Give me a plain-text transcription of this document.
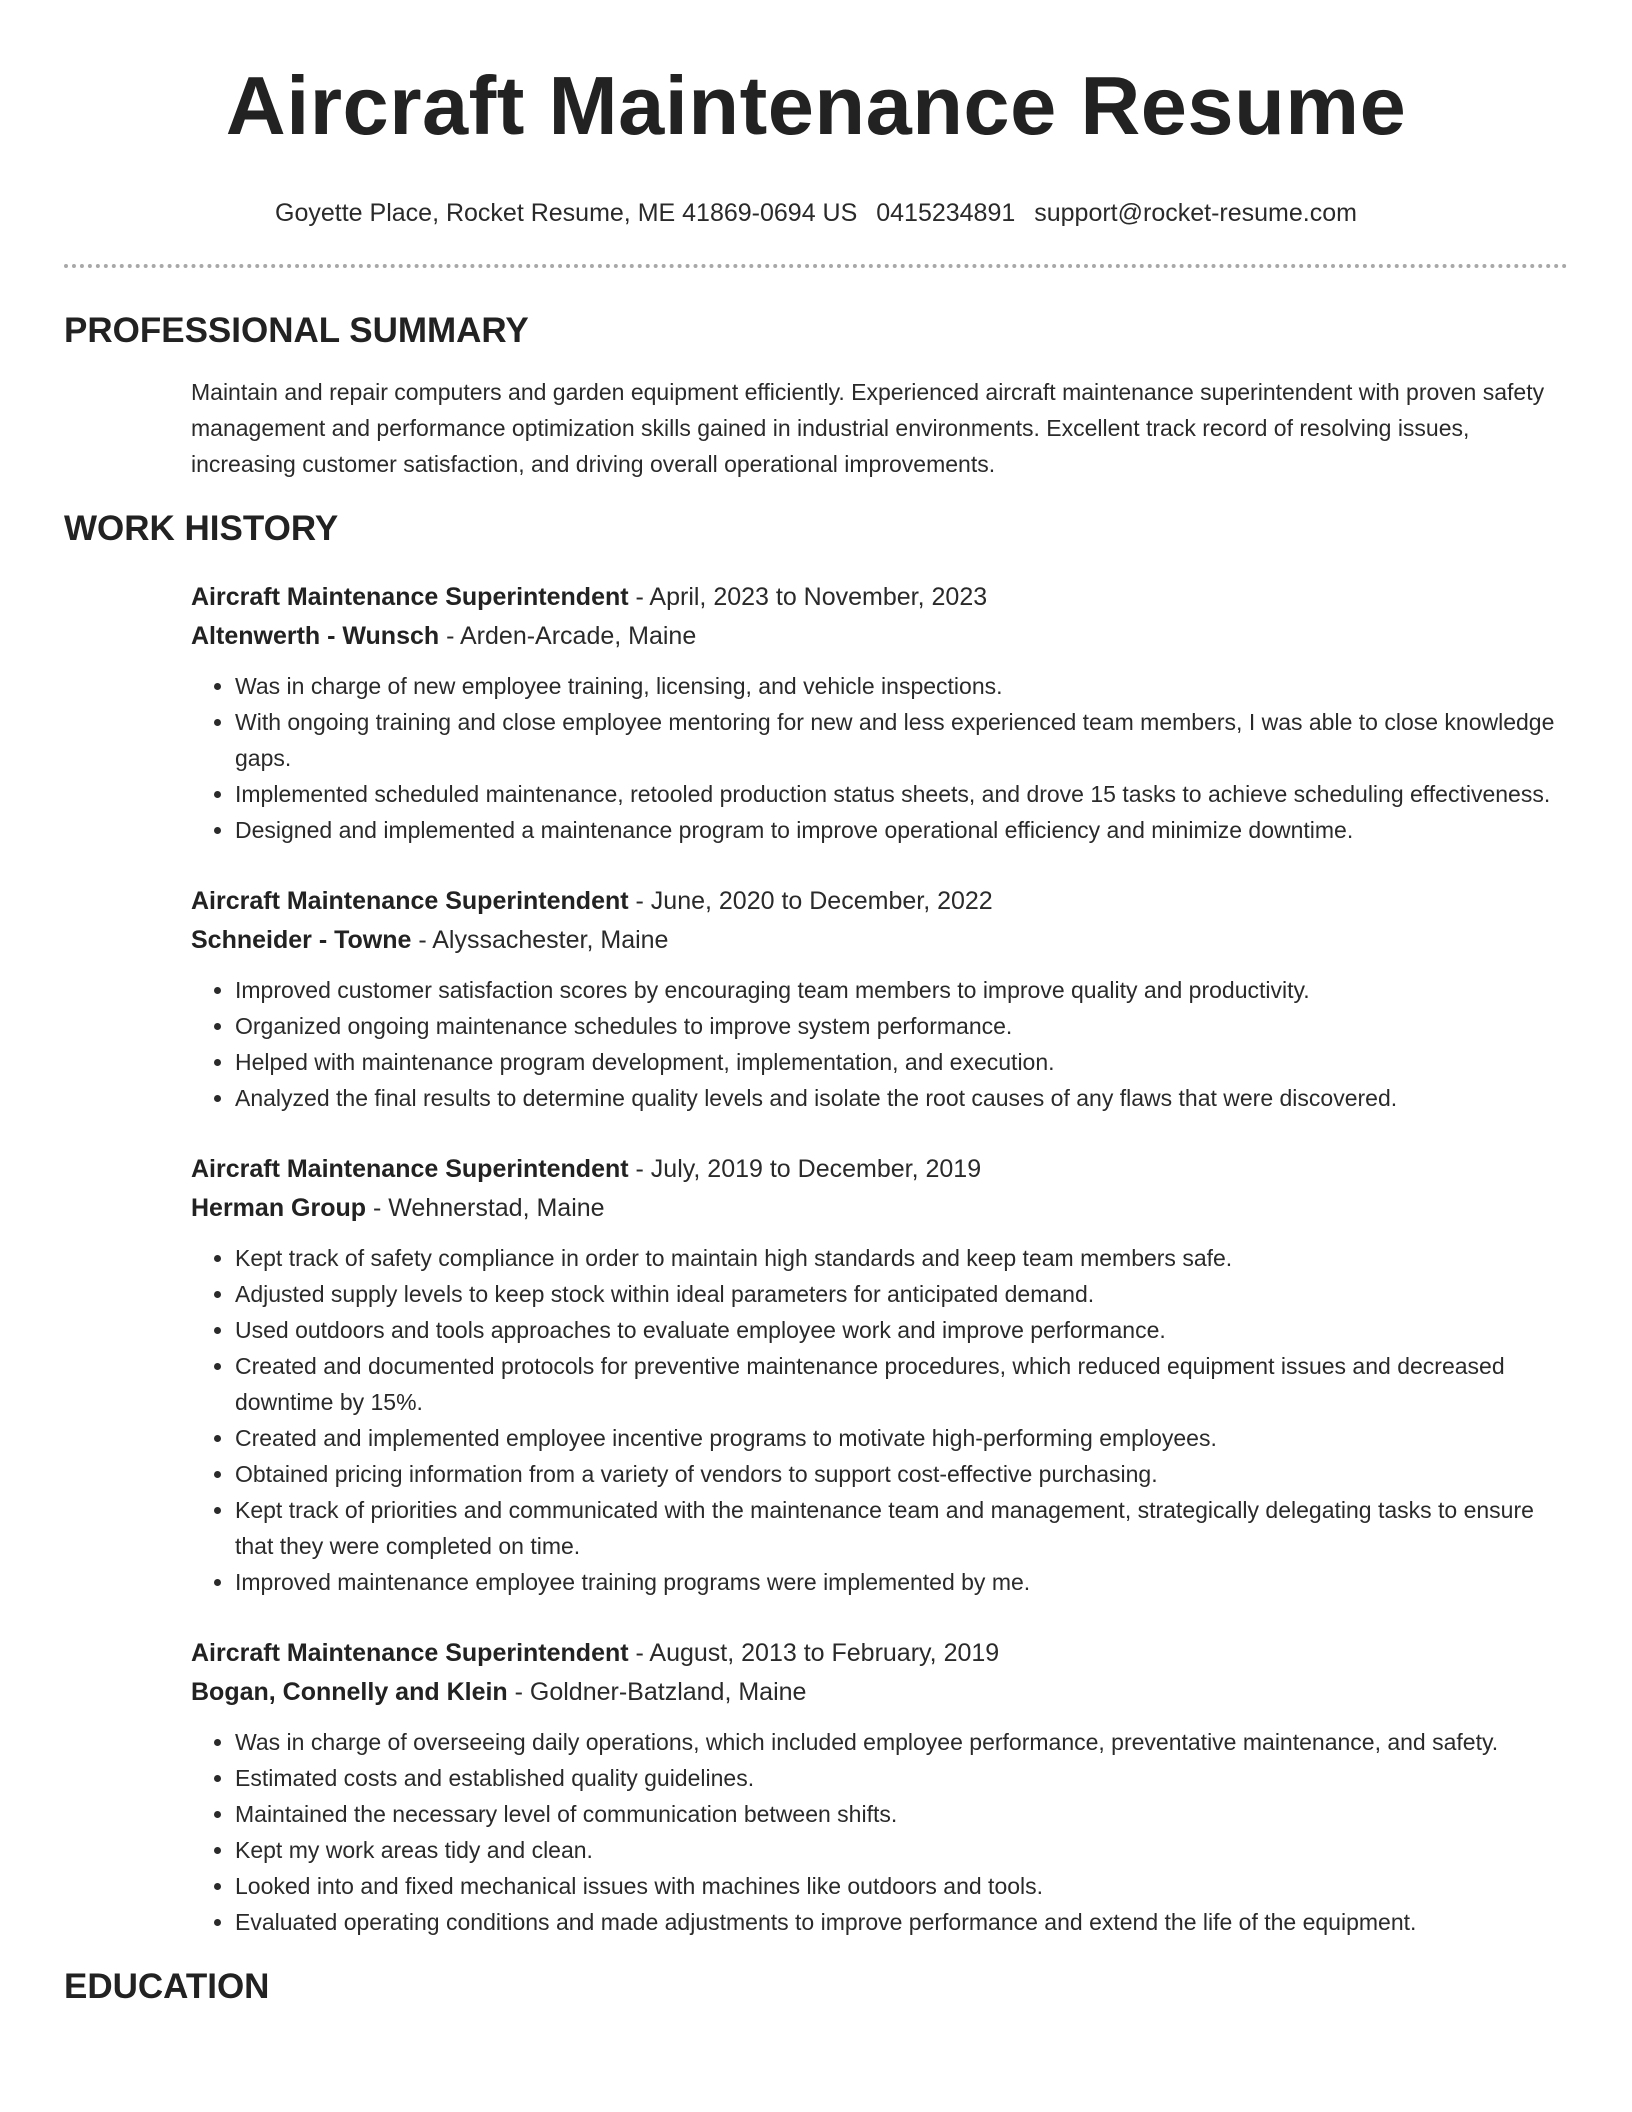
Aircraft Maintenance Resume
Goyette Place, Rocket Resume, ME 41869-0694 US 0415234891 support@rocket-resume.com
PROFESSIONAL SUMMARY

Maintain and repair computers and garden equipment efficiently. Experienced aircraft maintenance superintendent with proven safety management and performance optimization skills gained in industrial environments. Excellent track record of resolving issues, increasing customer satisfaction, and driving overall operational improvements.

WORK HISTORY
Aircraft Maintenance Superintendent - April, 2023 to November, 2023
Altenwerth - Wunsch - Arden-Arcade, Maine
• Was in charge of new employee training, licensing, and vehicle inspections.
• With ongoing training and close employee mentoring for new and less experienced team members, I was able to close knowledge gaps.
• Implemented scheduled maintenance, retooled production status sheets, and drove 15 tasks to achieve scheduling effectiveness.
• Designed and implemented a maintenance program to improve operational efficiency and minimize downtime.
Aircraft Maintenance Superintendent - June, 2020 to December, 2022
Schneider - Towne - Alyssachester, Maine
• Improved customer satisfaction scores by encouraging team members to improve quality and productivity.
• Organized ongoing maintenance schedules to improve system performance.
• Helped with maintenance program development, implementation, and execution.
• Analyzed the final results to determine quality levels and isolate the root causes of any flaws that were discovered.
Aircraft Maintenance Superintendent - July, 2019 to December, 2019
Herman Group - Wehnerstad, Maine
• Kept track of safety compliance in order to maintain high standards and keep team members safe.
• Adjusted supply levels to keep stock within ideal parameters for anticipated demand.
• Used outdoors and tools approaches to evaluate employee work and improve performance.
• Created and documented protocols for preventive maintenance procedures, which reduced equipment issues and decreased downtime by 15%.
• Created and implemented employee incentive programs to motivate high-performing employees.
• Obtained pricing information from a variety of vendors to support cost-effective purchasing.
• Kept track of priorities and communicated with the maintenance team and management, strategically delegating tasks to ensure that they were completed on time.
• Improved maintenance employee training programs were implemented by me.
Aircraft Maintenance Superintendent - August, 2013 to February, 2019
Bogan, Connelly and Klein - Goldner-Batzland, Maine
• Was in charge of overseeing daily operations, which included employee performance, preventative maintenance, and safety.
• Estimated costs and established quality guidelines.
• Maintained the necessary level of communication between shifts.
• Kept my work areas tidy and clean.
• Looked into and fixed mechanical issues with machines like outdoors and tools.
• Evaluated operating conditions and made adjustments to improve performance and extend the life of the equipment.
EDUCATION
